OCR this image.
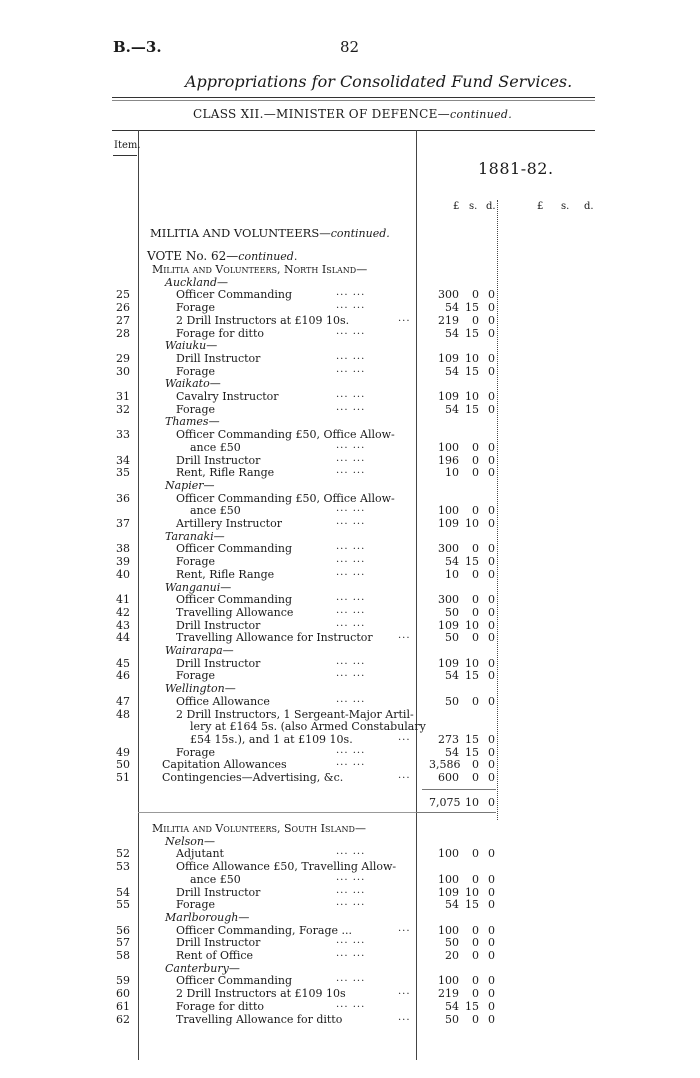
B.—3.	82
Appropriations for Consolidated Fund Services.
CLASS XII.—MINISTER OF DEFENCE—continued.
Item.
1881-82.
£ s. d.	£ s. d.
MILITIA AND VOLUNTEERS—continued.
VOTE No. 62—continued.
Militia and Volunteers, North Island—
Auckland—
25	Officer Commanding	... ...	300 0 0
26	Forage	... ...	54 15 0
27	2 Drill Instructors at £109 10s.	...	219 0 0
28	Forage for ditto	... ...	54 15 0
Waiuku—
29	Drill Instructor	... ...	109 10 0
30	Forage	... ...	54 15 0
Waikato—
31	Cavalry Instructor	... ...	109 10 0
32	Forage	... ...	54 15 0
Thames—
33	Officer Commanding £50, Office Allow-
ance £50	... ...	100 0 0
34	Drill Instructor	... ...	196 0 0
35	Rent, Rifle Range	... ...	10 0 0
Napier—
36	Officer Commanding £50, Office Allow-
ance £50	... ...	100 0 0
37	Artillery Instructor	... ...	109 10 0
Taranaki—
38	Officer Commanding	... ...	300 0 0
39	Forage	... ...	54 15 0
40	Rent, Rifle Range	... ...	10 0 0
Wanganui—
41	Officer Commanding	... ...	300 0 0
42	Travelling Allowance	... ...	50 0 0
43	Drill Instructor	... ...	109 10 0
44	Travelling Allowance for Instructor	...	50 0 0
Wairarapa—
45	Drill Instructor	... ...	109 10 0
46	Forage	... ...	54 15 0
Wellington—
47	Office Allowance	... ...	50 0 0
48	2 Drill Instructors, 1 Sergeant-Major Artil-
lery at £164 5s. (also Armed Constabulary
£54 15s.), and 1 at £109 10s.	...	273 15 0
49	Forage	... ...	54 15 0
50	Capitation Allowances	... ...	3,586 0 0
51	Contingencies—Advertising, &c.	...	600 0 0
7,075 10 0
Militia and Volunteers, South Island—
Nelson—
52	Adjutant	... ...	100 0 0
53	Office Allowance £50, Travelling Allow-
ance £50	... ...	100 0 0
54	Drill Instructor	... ...	109 10 0
55	Forage	... ...	54 15 0
Marlborough—
56	Officer Commanding, Forage ...	...	100 0 0
57	Drill Instructor	... ...	50 0 0
58	Rent of Office	... ...	20 0 0
Canterbury—
59	Officer Commanding	... ...	100 0 0
60	2 Drill Instructors at £109 10s	...	219 0 0
61	Forage for ditto	... ...	54 15 0
62	Travelling Allowance for ditto	...	50 0 0
